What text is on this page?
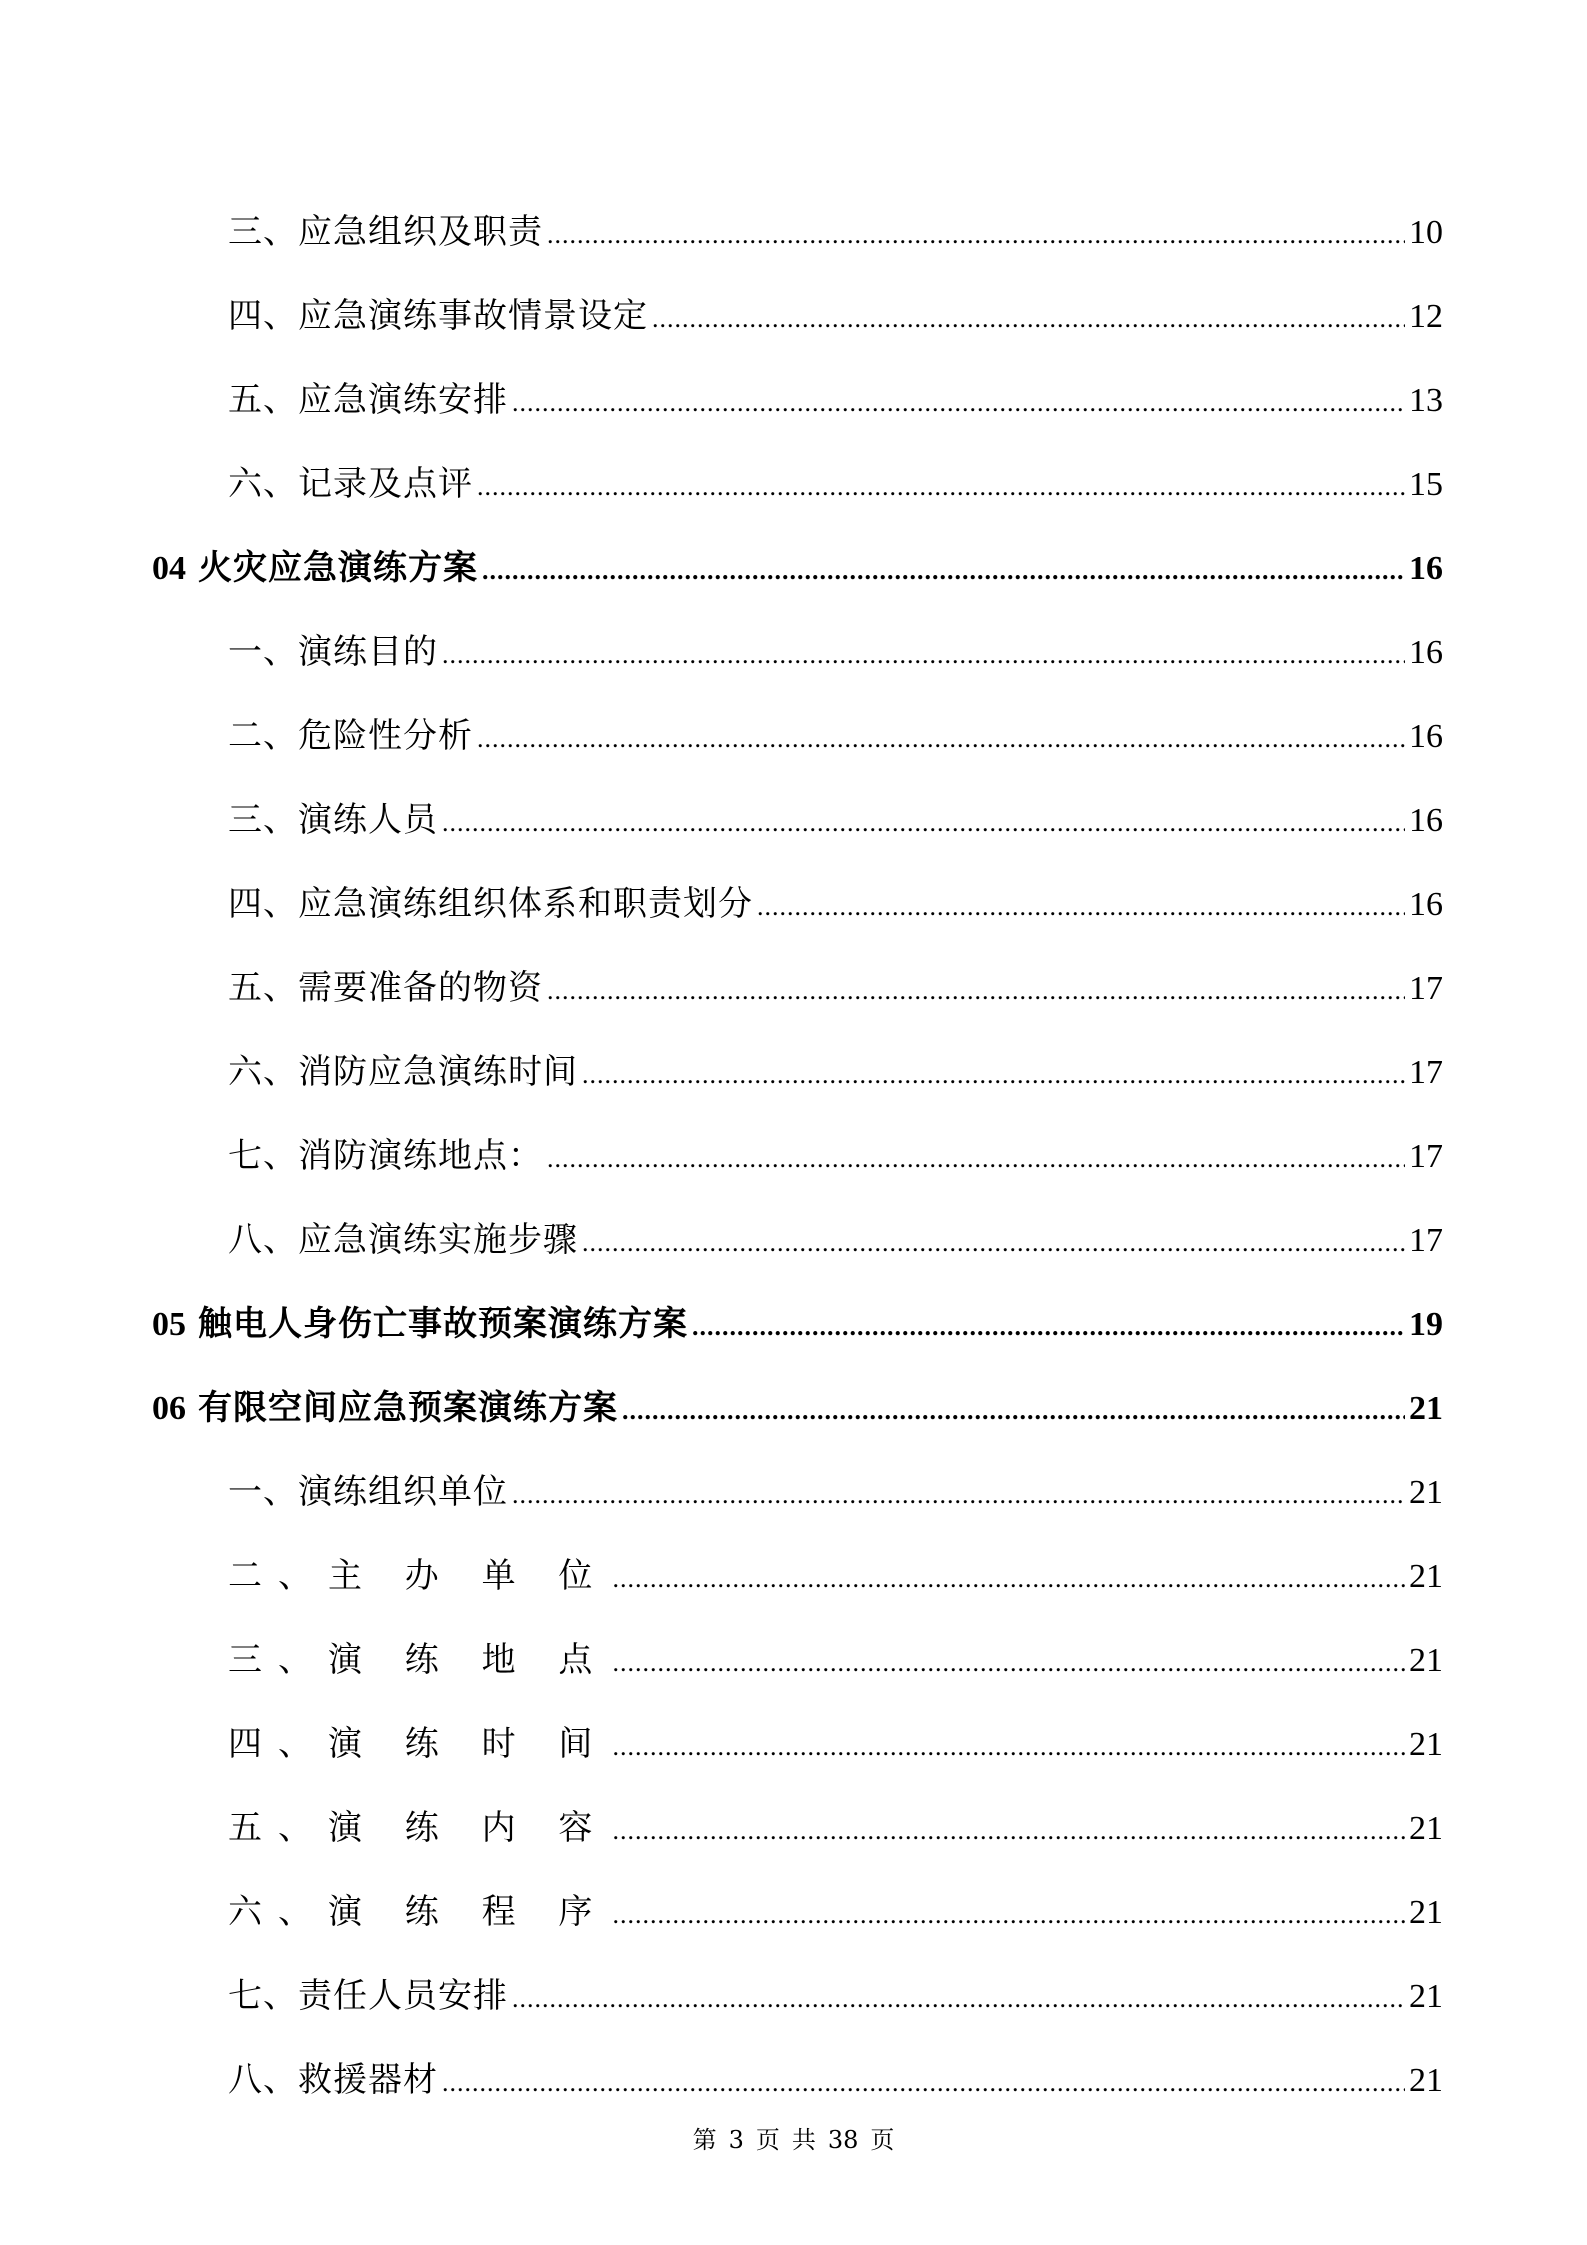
三、应急组织及职责 .....	10
四、应急演练事故情景设定 .....	12
五、应急演练安排 .....	13
六、记录及点评 .....	15
04 火灾应急演练方案 .....	16
一、演练目的 .....	16
二、危险性分析 .....	16
三、演练人员 .....	16
四、应急演练组织体系和职责划分 .....	16
五、需要准备的物资 .....	17
六、消防应急演练时间 .....	17
七、消防演练地点： .....	17
八、应急演练实施步骤 .....	17
05 触电人身伤亡事故预案演练方案 .....	19
06 有限空间应急预案演练方案 .....	21
一、演练组织单位 .....	21
二、主 办 单 位 .....	21
三、演 练 地 点 .....	21
四、演 练 时 间 .....	21
五、演 练 内 容 .....	21
六、演 练 程 序 .....	21
七、责任人员安排 .....	21
八、救援器材 .....	21
第 3 页 共 38 页
